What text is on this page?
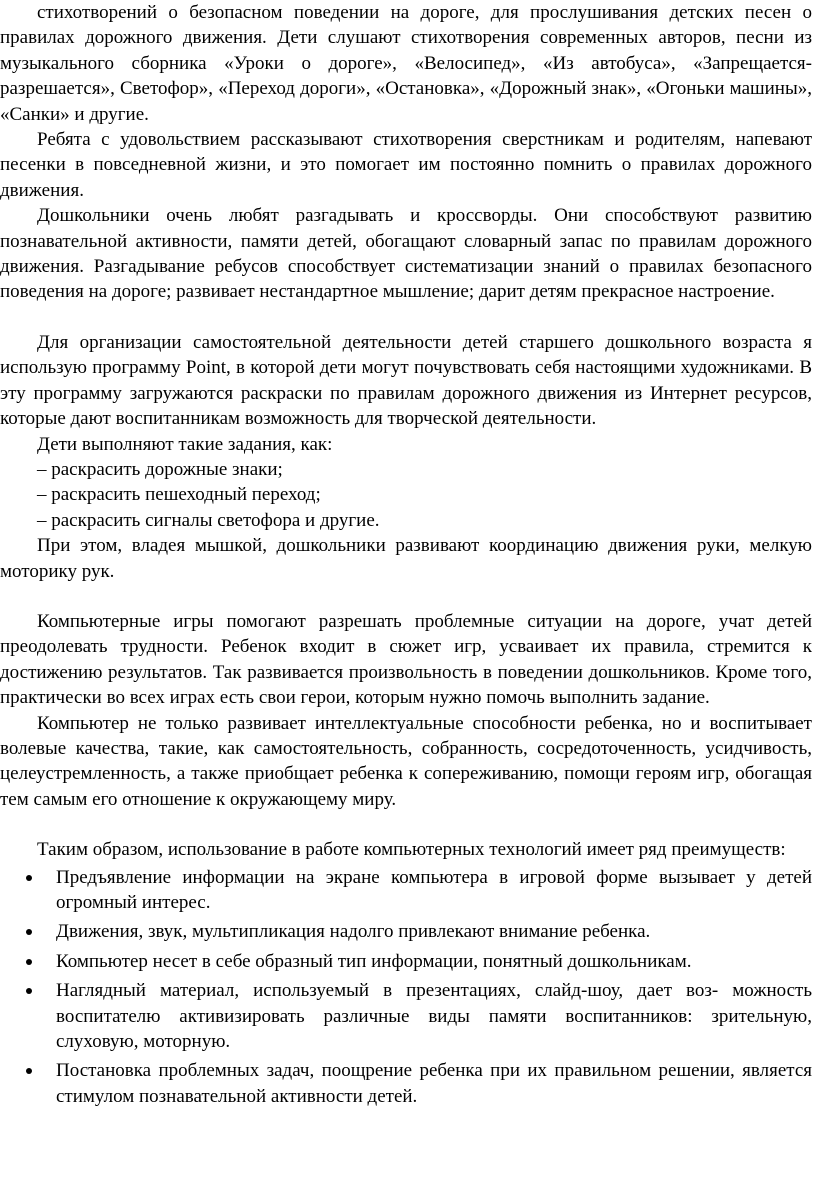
стихотворений о безопасном поведении на дороге, для прослушивания детских песен о правилах дорожного движения. Дети слушают стихотворения современных авторов, песни из музыкального сборника «Уроки о дороге», «Велосипед», «Из автобуса», «Запрещается-разрешается», Светофор», «Переход дороги», «Остановка», «Дорожный знак», «Огоньки машины», «Санки» и другие.

Ребята с удовольствием рассказывают стихотворения сверстникам и родителям, напевают песенки в повседневной жизни, и это помогает им постоянно помнить о правилах дорожного движения.

Дошкольники очень любят разгадывать и кроссворды. Они способствуют развитию познавательной активности, памяти детей, обогащают словарный запас по правилам дорожного движения. Разгадывание ребусов способствует систематизации знаний о правилах безопасного поведения на дороге; развивает нестандартное мышление; дарит детям прекрасное настроение.

Для организации самостоятельной деятельности детей старшего дошкольного возраста я использую программу Point, в которой дети могут почувствовать себя настоящими художниками. В эту программу загружаются раскраски по правилам дорожного движения из Интернет ресурсов, которые дают воспитанникам возможность для творческой деятельности.

Дети выполняют такие задания, как:

– раскрасить дорожные знаки;

– раскрасить пешеходный переход;

– раскрасить сигналы светофора и другие.

При этом, владея мышкой, дошкольники развивают координацию движения руки, мелкую моторику рук.

Компьютерные игры помогают разрешать проблемные ситуации на дороге, учат детей преодолевать трудности. Ребенок входит в сюжет игр, усваивает их правила, стремится к достижению результатов. Так развивается произвольность в поведении дошкольников. Кроме того, практически во всех играх есть свои герои, которым нужно помочь выполнить задание.

Компьютер не только развивает интеллектуальные способности ребенка, но и воспитывает волевые качества, такие, как самостоятельность, собранность, сосредоточенность, усидчивость, целеустремленность, а также приобщает ребенка к сопереживанию, помощи героям игр, обогащая тем самым его отношение к окружающему миру.

Таким образом, использование в работе компьютерных технологий имеет ряд преимуществ:

Предъявление информации на экране компьютера в игровой форме вызывает у детей огромный интерес.
Движения, звук, мультипликация надолго привлекают внимание ребенка.
Компьютер несет в себе образный тип информации, понятный дошкольникам.
Наглядный материал, используемый в презентациях, слайд-шоу, дает воз- можность воспитателю активизировать различные виды памяти воспитанников: зрительную, слуховую, моторную.
Постановка проблемных задач, поощрение ребенка при их правильном решении, является стимулом познавательной активности детей.
